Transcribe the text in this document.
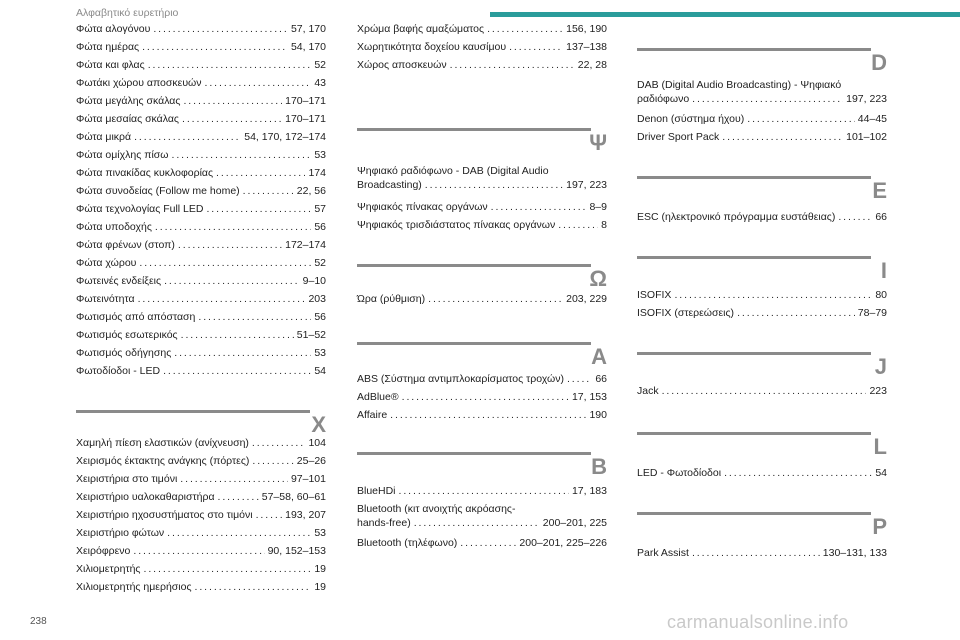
Αλφαβητικό ευρετήριο
Φώτα αλογόνου . . .	57, 170
Φώτα ημέρας . . .	54, 170
Φώτα και φλας . . .	52
Φωτάκι χώρου αποσκευών . . .	43
Φώτα μεγάλης σκάλας . . .	170–171
Φώτα μεσαίας σκάλας . . .	170–171
Φώτα μικρά . . .	54, 170, 172–174
Φώτα ομίχλης πίσω . . .	53
Φώτα πινακίδας κυκλοφορίας . . .	174
Φώτα συνοδείας (Follow me home) . . .	22, 56
Φώτα τεχνολογίας Full LED . . .	57
Φώτα υποδοχής . . .	56
Φώτα φρένων (στοπ) . . .	172–174
Φώτα χώρου . . .	52
Φωτεινές ενδείξεις . . .	9–10
Φωτεινότητα . . .	203
Φωτισμός από απόσταση . . .	56
Φωτισμός εσωτερικός . . .	51–52
Φωτισμός οδήγησης . . .	53
Φωτοδίοδοι - LED . . .	54
X
Χαμηλή πίεση ελαστικών (ανίχνευση) . . .	104
Χειρισμός έκτακτης ανάγκης (πόρτες) . . .	25–26
Χειριστήρια στο τιμόνι . . .	97–101
Χειριστήριο υαλοκαθαριστήρα . . .	57–58, 60–61
Χειριστήριο ηχοσυστήματος στο τιμόνι . . .	193, 207
Χειριστήριο φώτων . . .	53
Χειρόφρενο . . .	90, 152–153
Χιλιομετρητής . . .	19
Χιλιομετρητής ημερήσιος . . .	19
Χρώμα βαφής αμαξώματος . . .	156, 190
Χωρητικότητα δοχείου καυσίμου . . .	137–138
Χώρος αποσκευών . . .	22, 28
Ψ
Ψηφιακό ραδιόφωνο - DAB (Digital Audio
Broadcasting) . . .	197, 223
Ψηφιακός πίνακας οργάνων . . .	8–9
Ψηφιακός τρισδιάστατος πίνακας οργάνων . . .	8
Ω
Ώρα (ρύθμιση) . . .	203, 229
A
ABS (Σύστημα αντιμπλοκαρίσματος τροχών) . . .	66
AdBlue® . . .	17, 153
Affaire . . .	190
B
BlueHDi . . .	17, 183
Bluetooth (κιτ ανοιχτής ακρόασης-
hands-free) . . .	200–201, 225
Bluetooth (τηλέφωνο) . . .	200–201, 225–226
D
DAB (Digital Audio Broadcasting) - Ψηφιακό
ραδιόφωνο . . .	197, 223
Denon (σύστημα ήχου) . . .	44–45
Driver Sport Pack . . .	101–102
E
ESC (ηλεκτρονικό πρόγραμμα ευστάθειας) . . .	66
I
ISOFIX . . .	80
ISOFIX (στερεώσεις) . . .	78–79
J
Jack . . .	223
L
LED - Φωτοδίοδοι . . .	54
P
Park Assist . . .	130–131, 133
238	carmanualsonline.info
